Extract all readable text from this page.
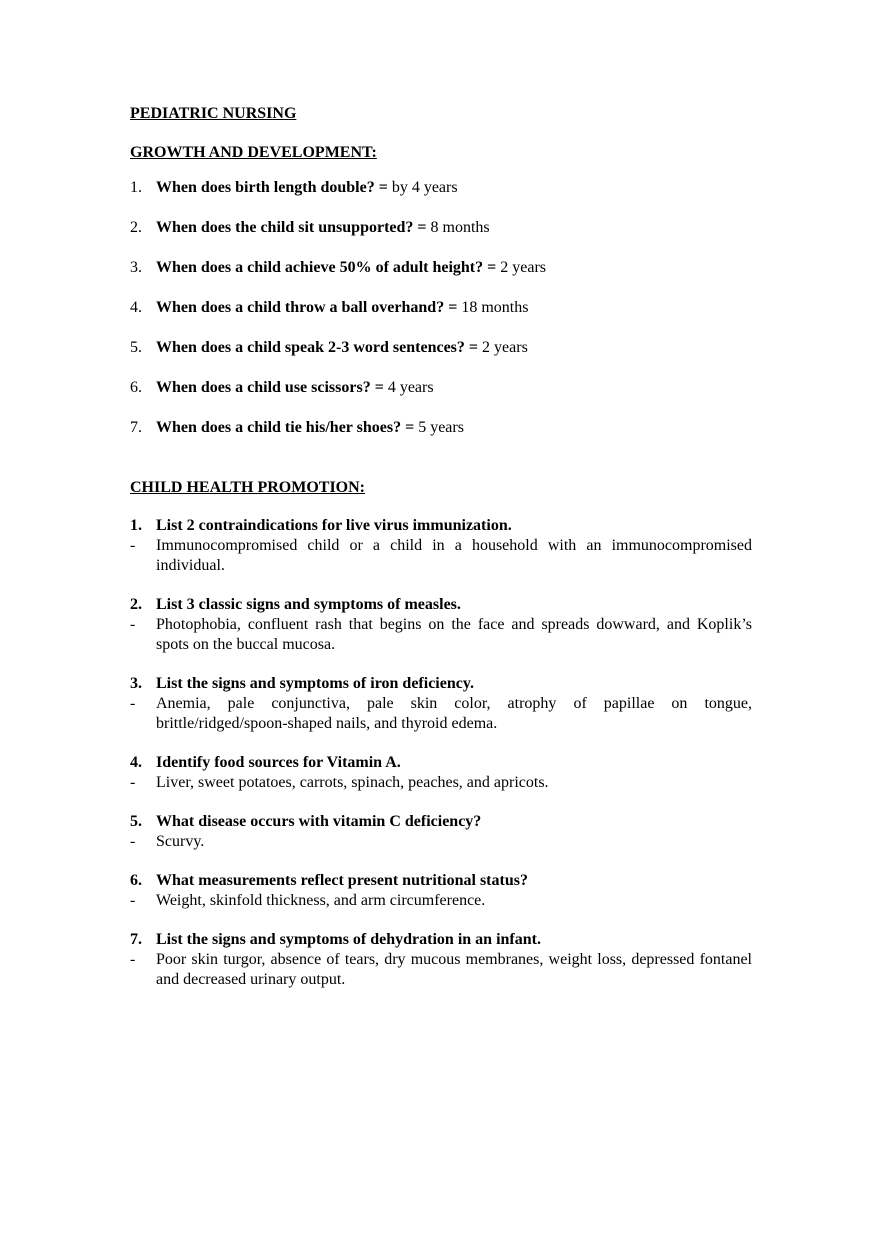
PEDIATRIC NURSING
GROWTH AND DEVELOPMENT:
1. When does birth length double? = by 4 years
2. When does the child sit unsupported? = 8 months
3. When does a child achieve 50% of adult height? = 2 years
4. When does a child throw a ball overhand? = 18 months
5. When does a child speak 2-3 word sentences? = 2 years
6. When does a child use scissors? = 4 years
7. When does a child tie his/her shoes? = 5 years
CHILD HEALTH PROMOTION:
1. List 2 contraindications for live virus immunization.
-	Immunocompromised child or a child in a household with an immunocompromised individual.
2. List 3 classic signs and symptoms of measles.
-	Photophobia, confluent rash that begins on the face and spreads dowward, and Koplik’s spots on the buccal mucosa.
3. List the signs and symptoms of iron deficiency.
-	Anemia, pale conjunctiva, pale skin color, atrophy of papillae on tongue, brittle/ridged/spoon-shaped nails, and thyroid edema.
4. Identify food sources for Vitamin A.
-	Liver, sweet potatoes, carrots, spinach, peaches, and apricots.
5. What disease occurs with vitamin C deficiency?
-	Scurvy.
6. What measurements reflect present nutritional status?
-	Weight, skinfold thickness, and arm circumference.
7. List the signs and symptoms of dehydration in an infant.
-	Poor skin turgor, absence of tears, dry mucous membranes, weight loss, depressed fontanel and decreased urinary output.
